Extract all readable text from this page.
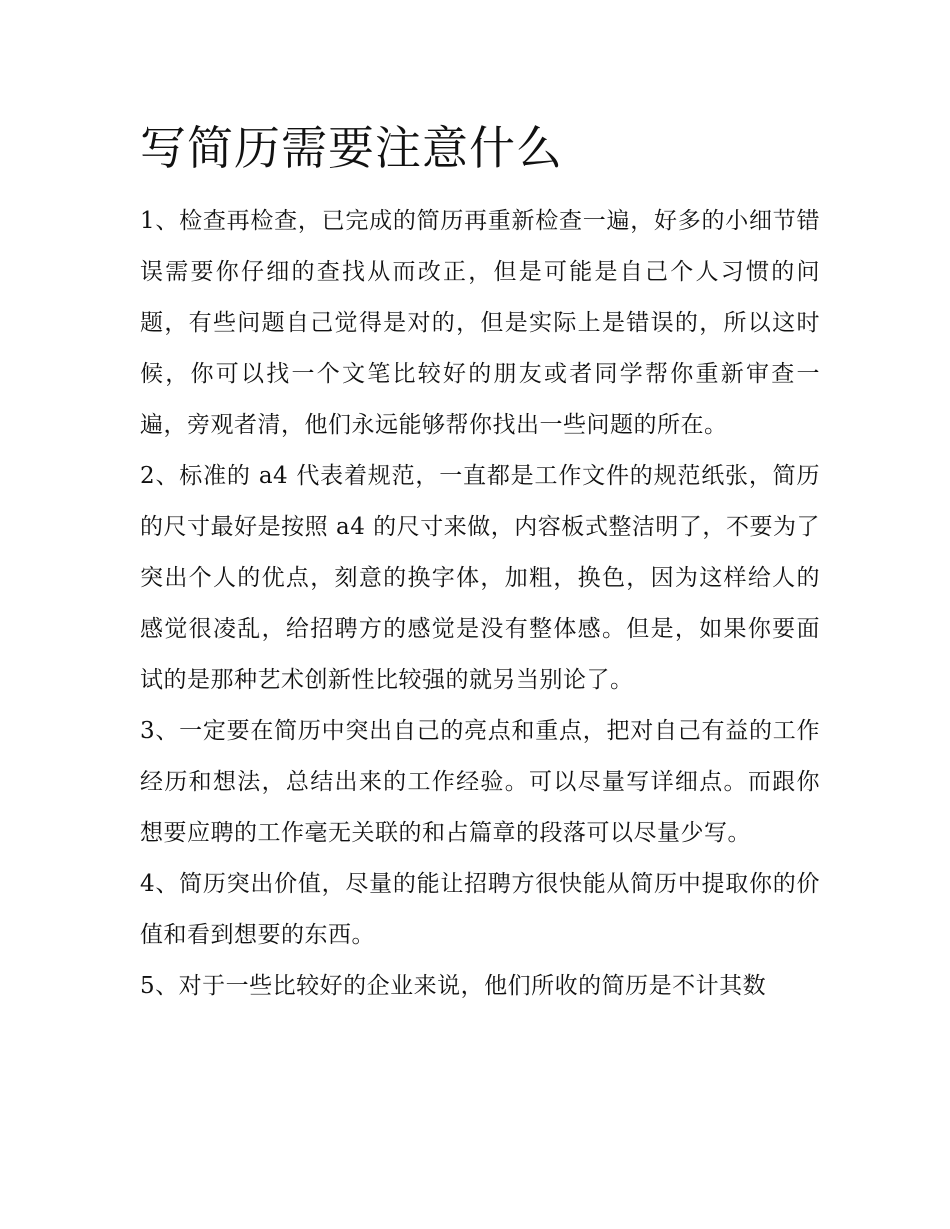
写简历需要注意什么

1、检查再检查，已完成的简历再重新检查一遍，好多的小细节错误需要你仔细的查找从而改正，但是可能是自己个人习惯的问题，有些问题自己觉得是对的，但是实际上是错误的，所以这时候，你可以找一个文笔比较好的朋友或者同学帮你重新审查一遍，旁观者清，他们永远能够帮你找出一些问题的所在。

2、标准的 a4 代表着规范，一直都是工作文件的规范纸张，简历的尺寸最好是按照 a4 的尺寸来做，内容板式整洁明了，不要为了突出个人的优点，刻意的换字体，加粗，换色，因为这样给人的感觉很凌乱，给招聘方的感觉是没有整体感。但是，如果你要面试的是那种艺术创新性比较强的就另当别论了。

3、一定要在简历中突出自己的亮点和重点，把对自己有益的工作经历和想法，总结出来的工作经验。可以尽量写详细点。而跟你想要应聘的工作毫无关联的和占篇章的段落可以尽量少写。

4、简历突出价值，尽量的能让招聘方很快能从简历中提取你的价值和看到想要的东西。

5、对于一些比较好的企业来说，他们所收的简历是不计其数
